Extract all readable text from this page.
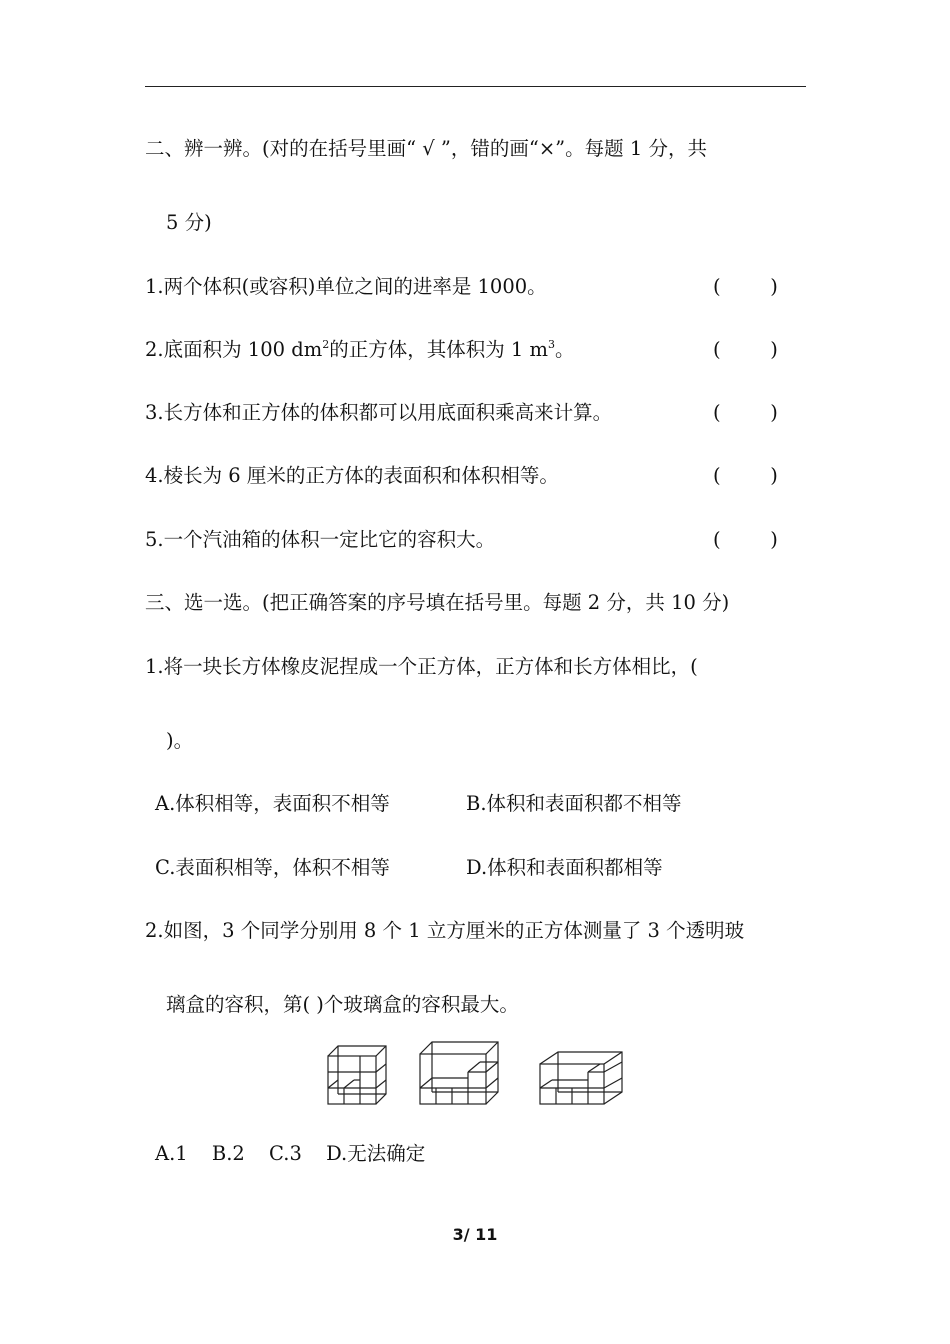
二、辨一辨。(对的在括号里画“ √ ”，错的画“×”。每题 1 分，共
5 分)
1.两个体积(或容积)单位之间的进率是 1000。	(        )
2.底面积为 100 $dm^2$的正方体，其体积为 1 $m^3$。	(        )
3.长方体和正方体的体积都可以用底面积乘高来计算。	(        )
4.棱长为 6 厘米的正方体的表面积和体积相等。	(        )
5.一个汽油箱的体积一定比它的容积大。	(        )
三、选一选。(把正确答案的序号填在括号里。每题 2 分，共 10 分)
1.将一块长方体橡皮泥捏成一个正方体，正方体和长方体相比，(
)。
A.体积相等，表面积不相等	B.体积和表面积都不相等
C.表面积相等，体积不相等	D.体积和表面积都相等
2.如图，3 个同学分别用 8 个 1 立方厘米的正方体测量了 3 个透明玻
璃盒的容积，第( )个玻璃盒的容积最大。
A.1 B.2 C.3 D.无法确定
3/ 11
